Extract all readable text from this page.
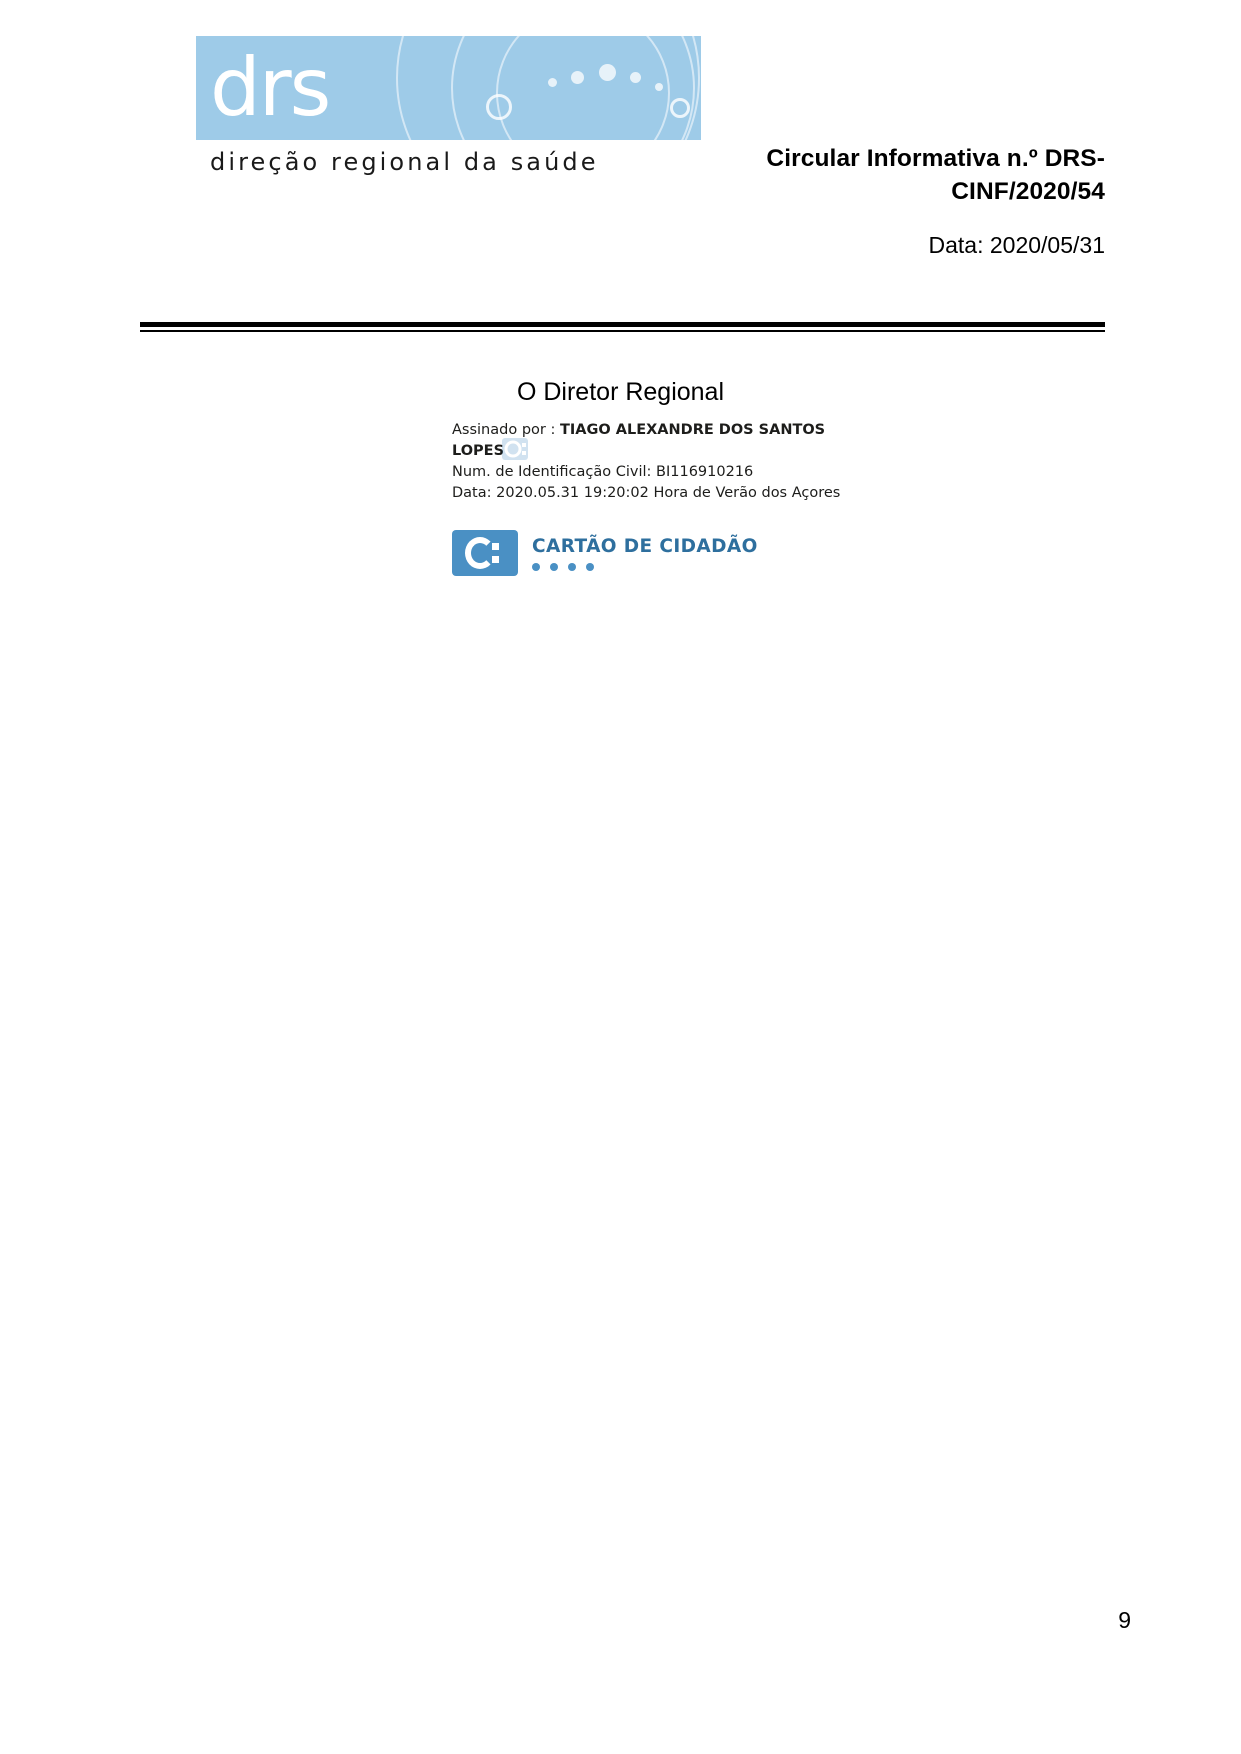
drs
direção regional da saúde	Circular Informativa n.º DRS-CINF/2020/54
Data: 2020/05/31
O Diretor Regional
Assinado por : TIAGO ALEXANDRE DOS SANTOS LOPES
Num. de Identificação Civil: BI116910216
Data: 2020.05.31 19:20:02 Hora de Verão dos Açores
CARTÃO DE CIDADÃO
9
